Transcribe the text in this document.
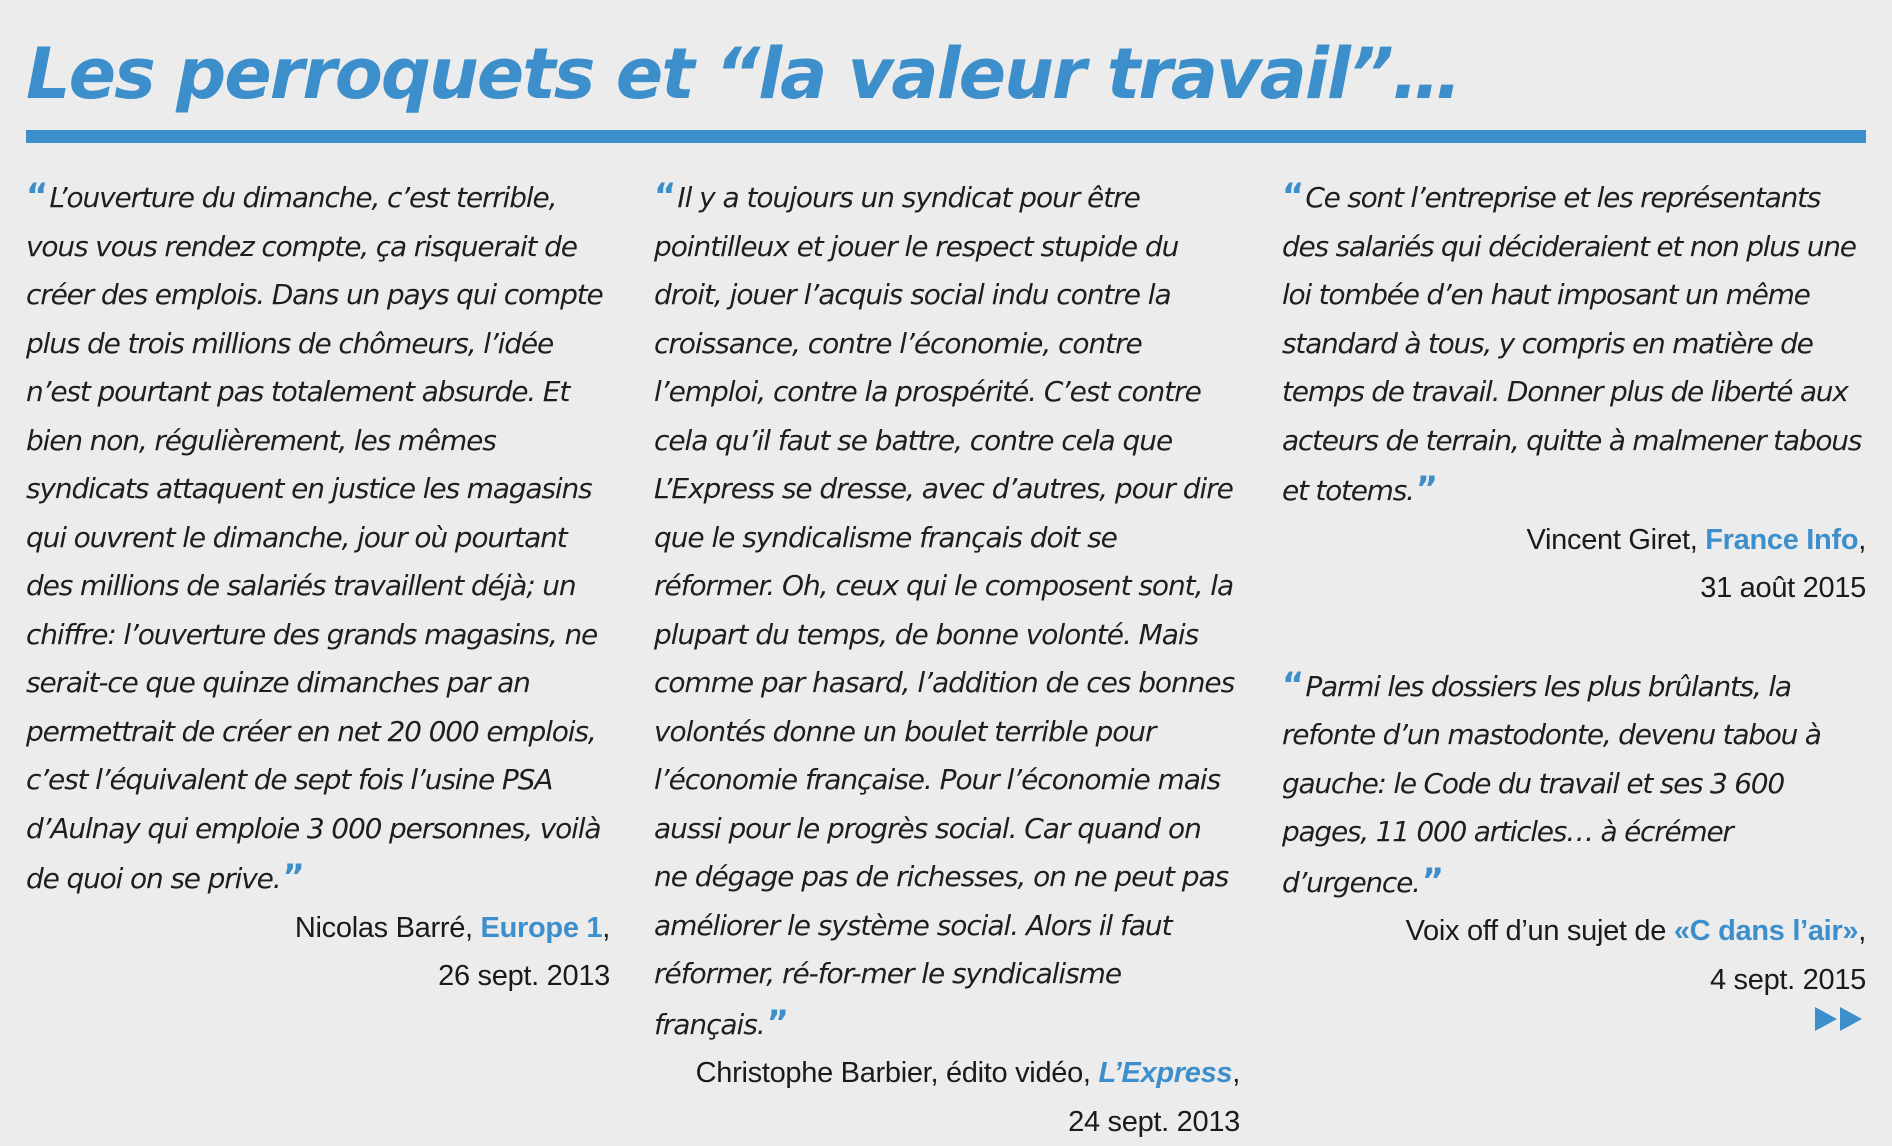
Les perroquets et “la valeur travail”…

“ L’ouverture du dimanche, c’est terrible, vous vous rendez compte, ça risquerait de créer des emplois. Dans un pays qui compte plus de trois millions de chômeurs, l’idée n’est pourtant pas totalement absurde. Et bien non, régulièrement, les mêmes syndicats attaquent en justice les magasins qui ouvrent le dimanche, jour où pourtant des millions de salariés travaillent déjà; un chiffre: l’ouverture des grands magasins, ne serait-ce que quinze dimanches par an permettrait de créer en net 20 000 emplois, c’est l’équivalent de sept fois l’usine PSA d’Aulnay qui emploie 3 000 personnes, voilà de quoi on se prive.”

Nicolas Barré, Europe 1,
26 sept. 2013

“ Il y a toujours un syndicat pour être pointilleux et jouer le respect stupide du droit, jouer l’acquis social indu contre la croissance, contre l’économie, contre l’emploi, contre la prospérité. C’est contre cela qu’il faut se battre, contre cela que L’Express se dresse, avec d’autres, pour dire que le syndicalisme français doit se réformer. Oh, ceux qui le composent sont, la plupart du temps, de bonne volonté. Mais comme par hasard, l’addition de ces bonnes volontés donne un boulet terrible pour l’économie française. Pour l’économie mais aussi pour le progrès social. Car quand on ne dégage pas de richesses, on ne peut pas améliorer le système social. Alors il faut réformer, ré-for-mer le syndicalisme français.”

Christophe Barbier, édito vidéo, L’Express,
24 sept. 2013

“ Ce sont l’entreprise et les représentants des salariés qui décideraient et non plus une loi tombée d’en haut imposant un même standard à tous, y compris en matière de temps de travail. Donner plus de liberté aux acteurs de terrain, quitte à malmener tabous et totems.”

Vincent Giret, France Info,
31 août 2015

“ Parmi les dossiers les plus brûlants, la refonte d’un mastodonte, devenu tabou à gauche: le Code du travail et ses 3 600 pages, 11 000 articles… à écrémer d’urgence.”

Voix off d’un sujet de «C dans l’air»,
4 sept. 2015
